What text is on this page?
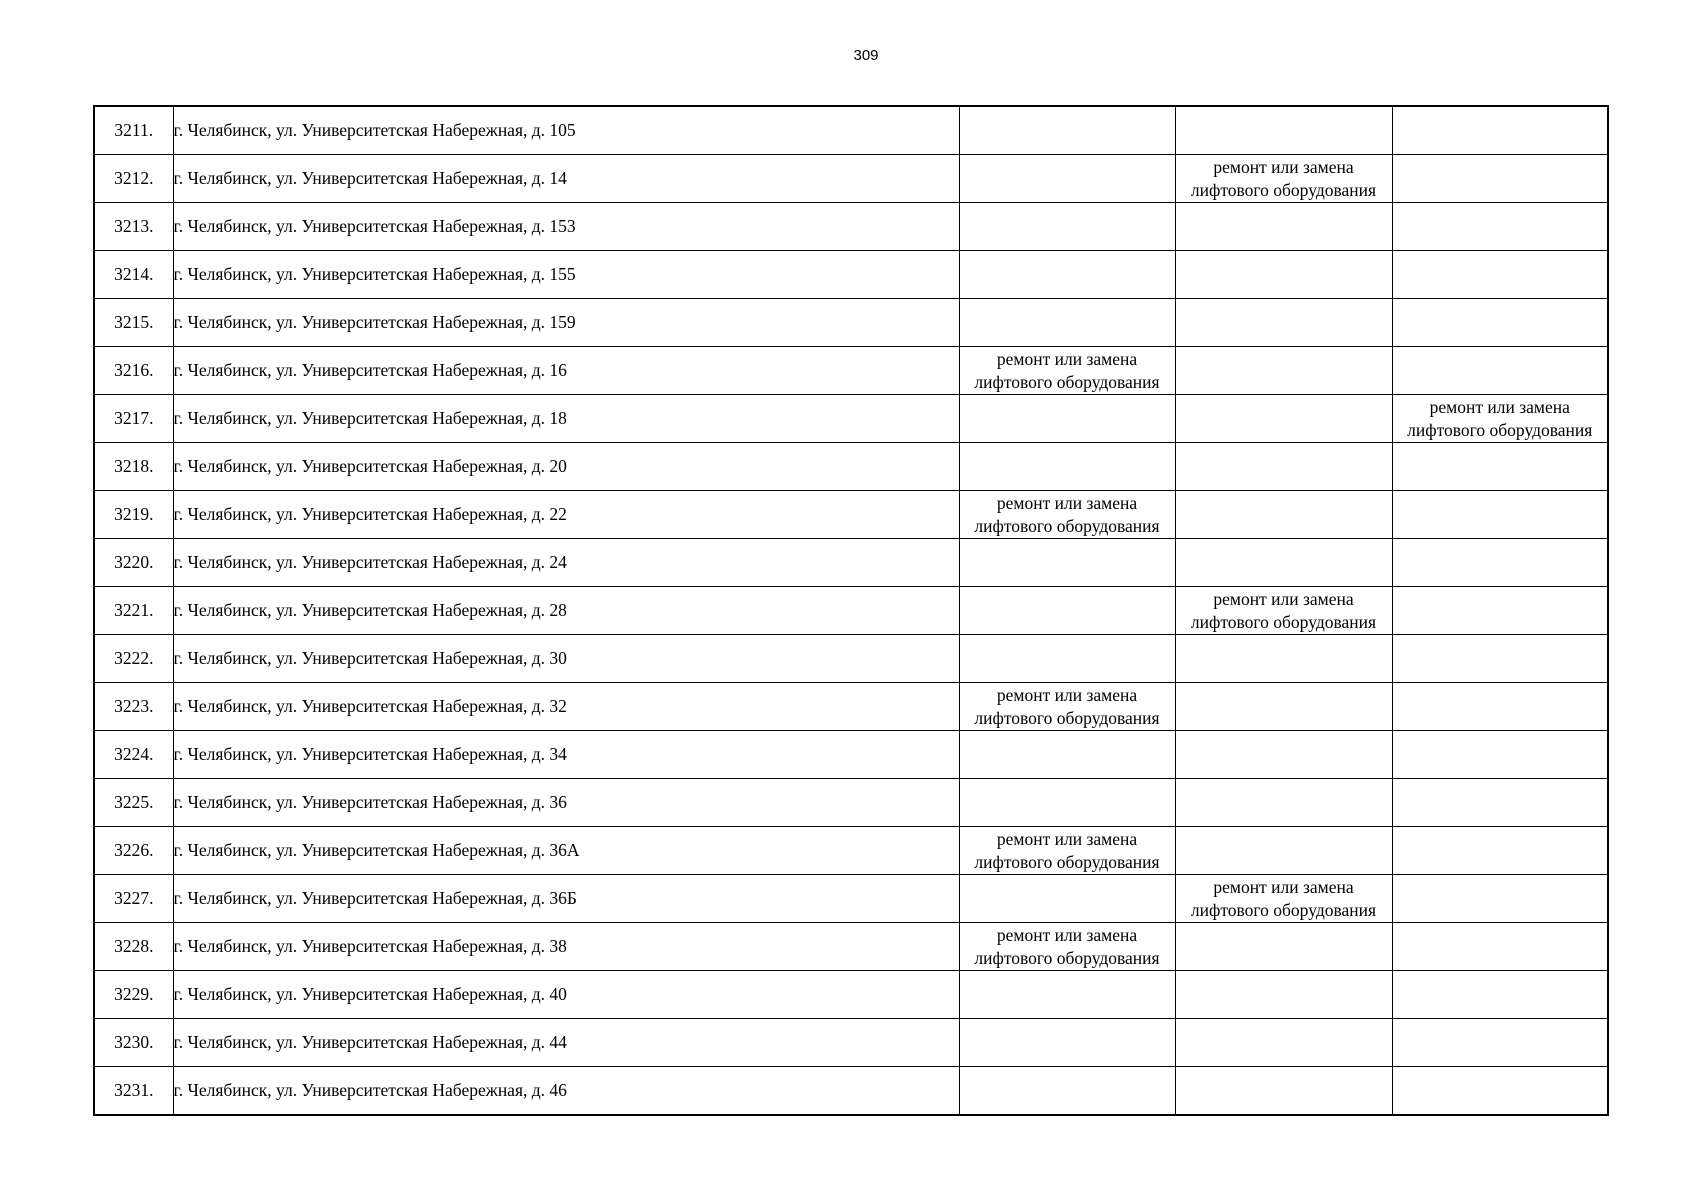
309
3211.	г. Челябинск, ул. Университетская Набережная, д. 105			
3212.	г. Челябинск, ул. Университетская Набережная, д. 14		ремонт или замена лифтового оборудования	
3213.	г. Челябинск, ул. Университетская Набережная, д. 153			
3214.	г. Челябинск, ул. Университетская Набережная, д. 155			
3215.	г. Челябинск, ул. Университетская Набережная, д. 159			
3216.	г. Челябинск, ул. Университетская Набережная, д. 16	ремонт или замена лифтового оборудования		
3217.	г. Челябинск, ул. Университетская Набережная, д. 18			ремонт или замена лифтового оборудования
3218.	г. Челябинск, ул. Университетская Набережная, д. 20			
3219.	г. Челябинск, ул. Университетская Набережная, д. 22	ремонт или замена лифтового оборудования		
3220.	г. Челябинск, ул. Университетская Набережная, д. 24			
3221.	г. Челябинск, ул. Университетская Набережная, д. 28		ремонт или замена лифтового оборудования	
3222.	г. Челябинск, ул. Университетская Набережная, д. 30			
3223.	г. Челябинск, ул. Университетская Набережная, д. 32	ремонт или замена лифтового оборудования		
3224.	г. Челябинск, ул. Университетская Набережная, д. 34			
3225.	г. Челябинск, ул. Университетская Набережная, д. 36			
3226.	г. Челябинск, ул. Университетская Набережная, д. 36А	ремонт или замена лифтового оборудования		
3227.	г. Челябинск, ул. Университетская Набережная, д. 36Б		ремонт или замена лифтового оборудования	
3228.	г. Челябинск, ул. Университетская Набережная, д. 38	ремонт или замена лифтового оборудования		
3229.	г. Челябинск, ул. Университетская Набережная, д. 40			
3230.	г. Челябинск, ул. Университетская Набережная, д. 44			
3231.	г. Челябинск, ул. Университетская Набережная, д. 46			
